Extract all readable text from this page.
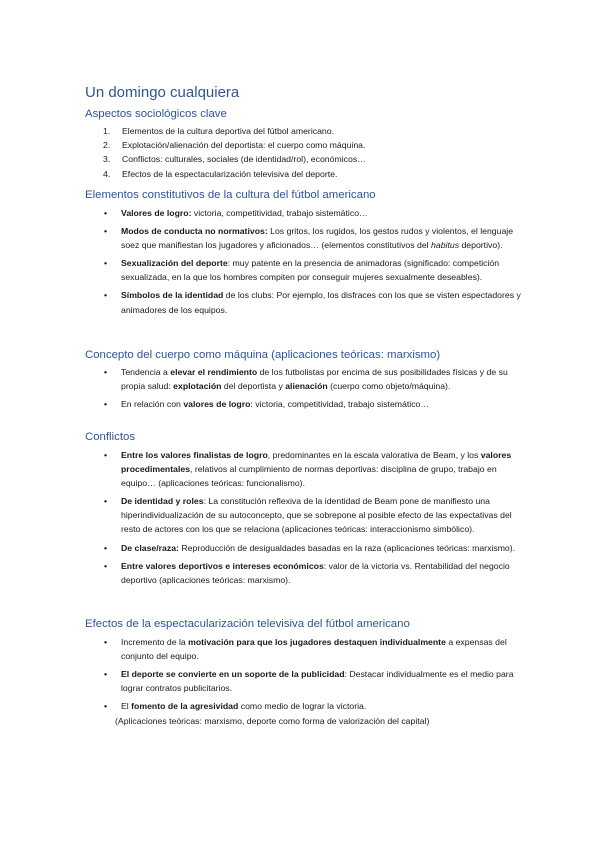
Un domingo cualquiera
Aspectos sociológicos clave
1. Elementos de la cultura deportiva del fútbol americano.
2. Explotación/alienación del deportista: el cuerpo como máquina.
3. Conflictos: culturales, sociales (de identidad/rol), económicos…
4. Efectos de la espectacularización televisiva del deporte.
Elementos constitutivos de la cultura del fútbol americano
• Valores de logro: victoria, competitividad, trabajo sistemático…
• Modos de conducta no normativos: Los gritos, los rugidos, los gestos rudos y violentos, el lenguaje soez que manifiestan los jugadores y aficionados… (elementos constitutivos del habitus deportivo).
• Sexualización del deporte: muy patente en la presencia de animadoras (significado: competición sexualizada, en la que los hombres compiten por conseguir mujeres sexualmente deseables).
• Símbolos de la identidad de los clubs: Por ejemplo, los disfraces con los que se visten espectadores y animadores de los equipos.
Concepto del cuerpo como máquina (aplicaciones teóricas: marxismo)
• Tendencia a elevar el rendimiento de los futbolistas por encima de sus posibilidades físicas y de su propia salud: explotación del deportista y alienación (cuerpo como objeto/máquina).
• En relación con valores de logro: victoria, competitividad, trabajo sistemático…
Conflictos
• Entre los valores finalistas de logro, predominantes en la escala valorativa de Beam, y los valores procedimentales, relativos al cumplimiento de normas deportivas: disciplina de grupo, trabajo en equipo… (aplicaciones teóricas: funcionalismo).
• De identidad y roles: La constitución reflexiva de la identidad de Beam pone de manifiesto una hiperindividualización de su autoconcepto, que se sobrepone al posible efecto de las expectativas del resto de actores con los que se relaciona (aplicaciones teóricas: interaccionismo simbólico).
• De clase/raza: Reproducción de desigualdades basadas en la raza (aplicaciones teóricas: marxismo).
• Entre valores deportivos e intereses económicos: valor de la victoria vs. Rentabilidad del negocio deportivo (aplicaciones teóricas: marxismo).
Efectos de la espectacularización televisiva del fútbol americano
• Incremento de la motivación para que los jugadores destaquen individualmente a expensas del conjunto del equipo.
• El deporte se convierte en un soporte de la publicidad: Destacar individualmente es el medio para lograr contratos publicitarios.
• El fomento de la agresividad como medio de lograr la victoria.

(Aplicaciones teóricas: marxismo, deporte como forma de valorización del capital)
